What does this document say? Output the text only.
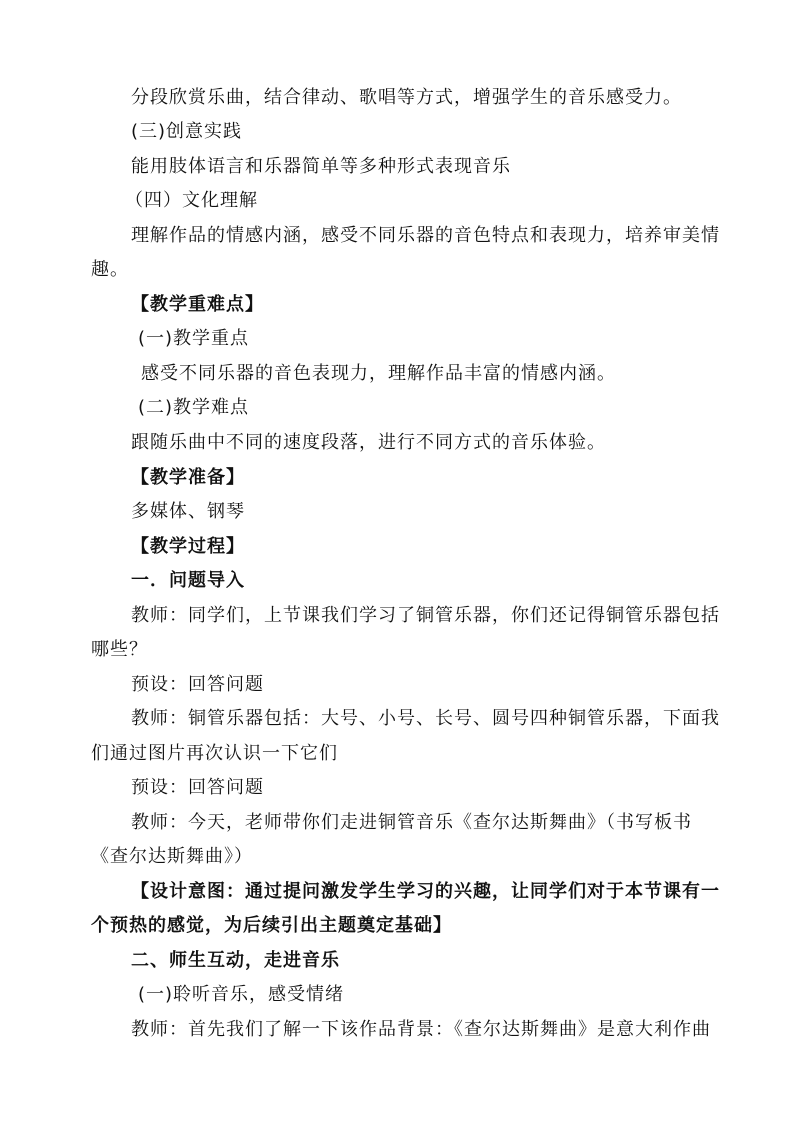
分段欣赏乐曲，结合律动、歌唱等方式，增强学生的音乐感受力。

(三)创意实践

能用肢体语言和乐器简单等多种形式表现音乐

（四）文化理解

理解作品的情感内涵，感受不同乐器的音色特点和表现力，培养审美情

趣。

【教学重难点】

(一)教学重点

感受不同乐器的音色表现力，理解作品丰富的情感内涵。

(二)教学难点

跟随乐曲中不同的速度段落，进行不同方式的音乐体验。

【教学准备】

多媒体、钢琴

【教学过程】

一．问题导入

教师：同学们，上节课我们学习了铜管乐器，你们还记得铜管乐器包括

哪些？

预设：回答问题

教师：铜管乐器包括：大号、小号、长号、圆号四种铜管乐器，下面我

们通过图片再次认识一下它们

预设：回答问题

教师：今天，老师带你们走进铜管音乐《查尔达斯舞曲》（书写板书

《查尔达斯舞曲》）

【设计意图：通过提问激发学生学习的兴趣，让同学们对于本节课有一

个预热的感觉，为后续引出主题奠定基础】

二、师生互动，走进音乐

(一)聆听音乐，感受情绪

教师：首先我们了解一下该作品背景：《查尔达斯舞曲》是意大利作曲
